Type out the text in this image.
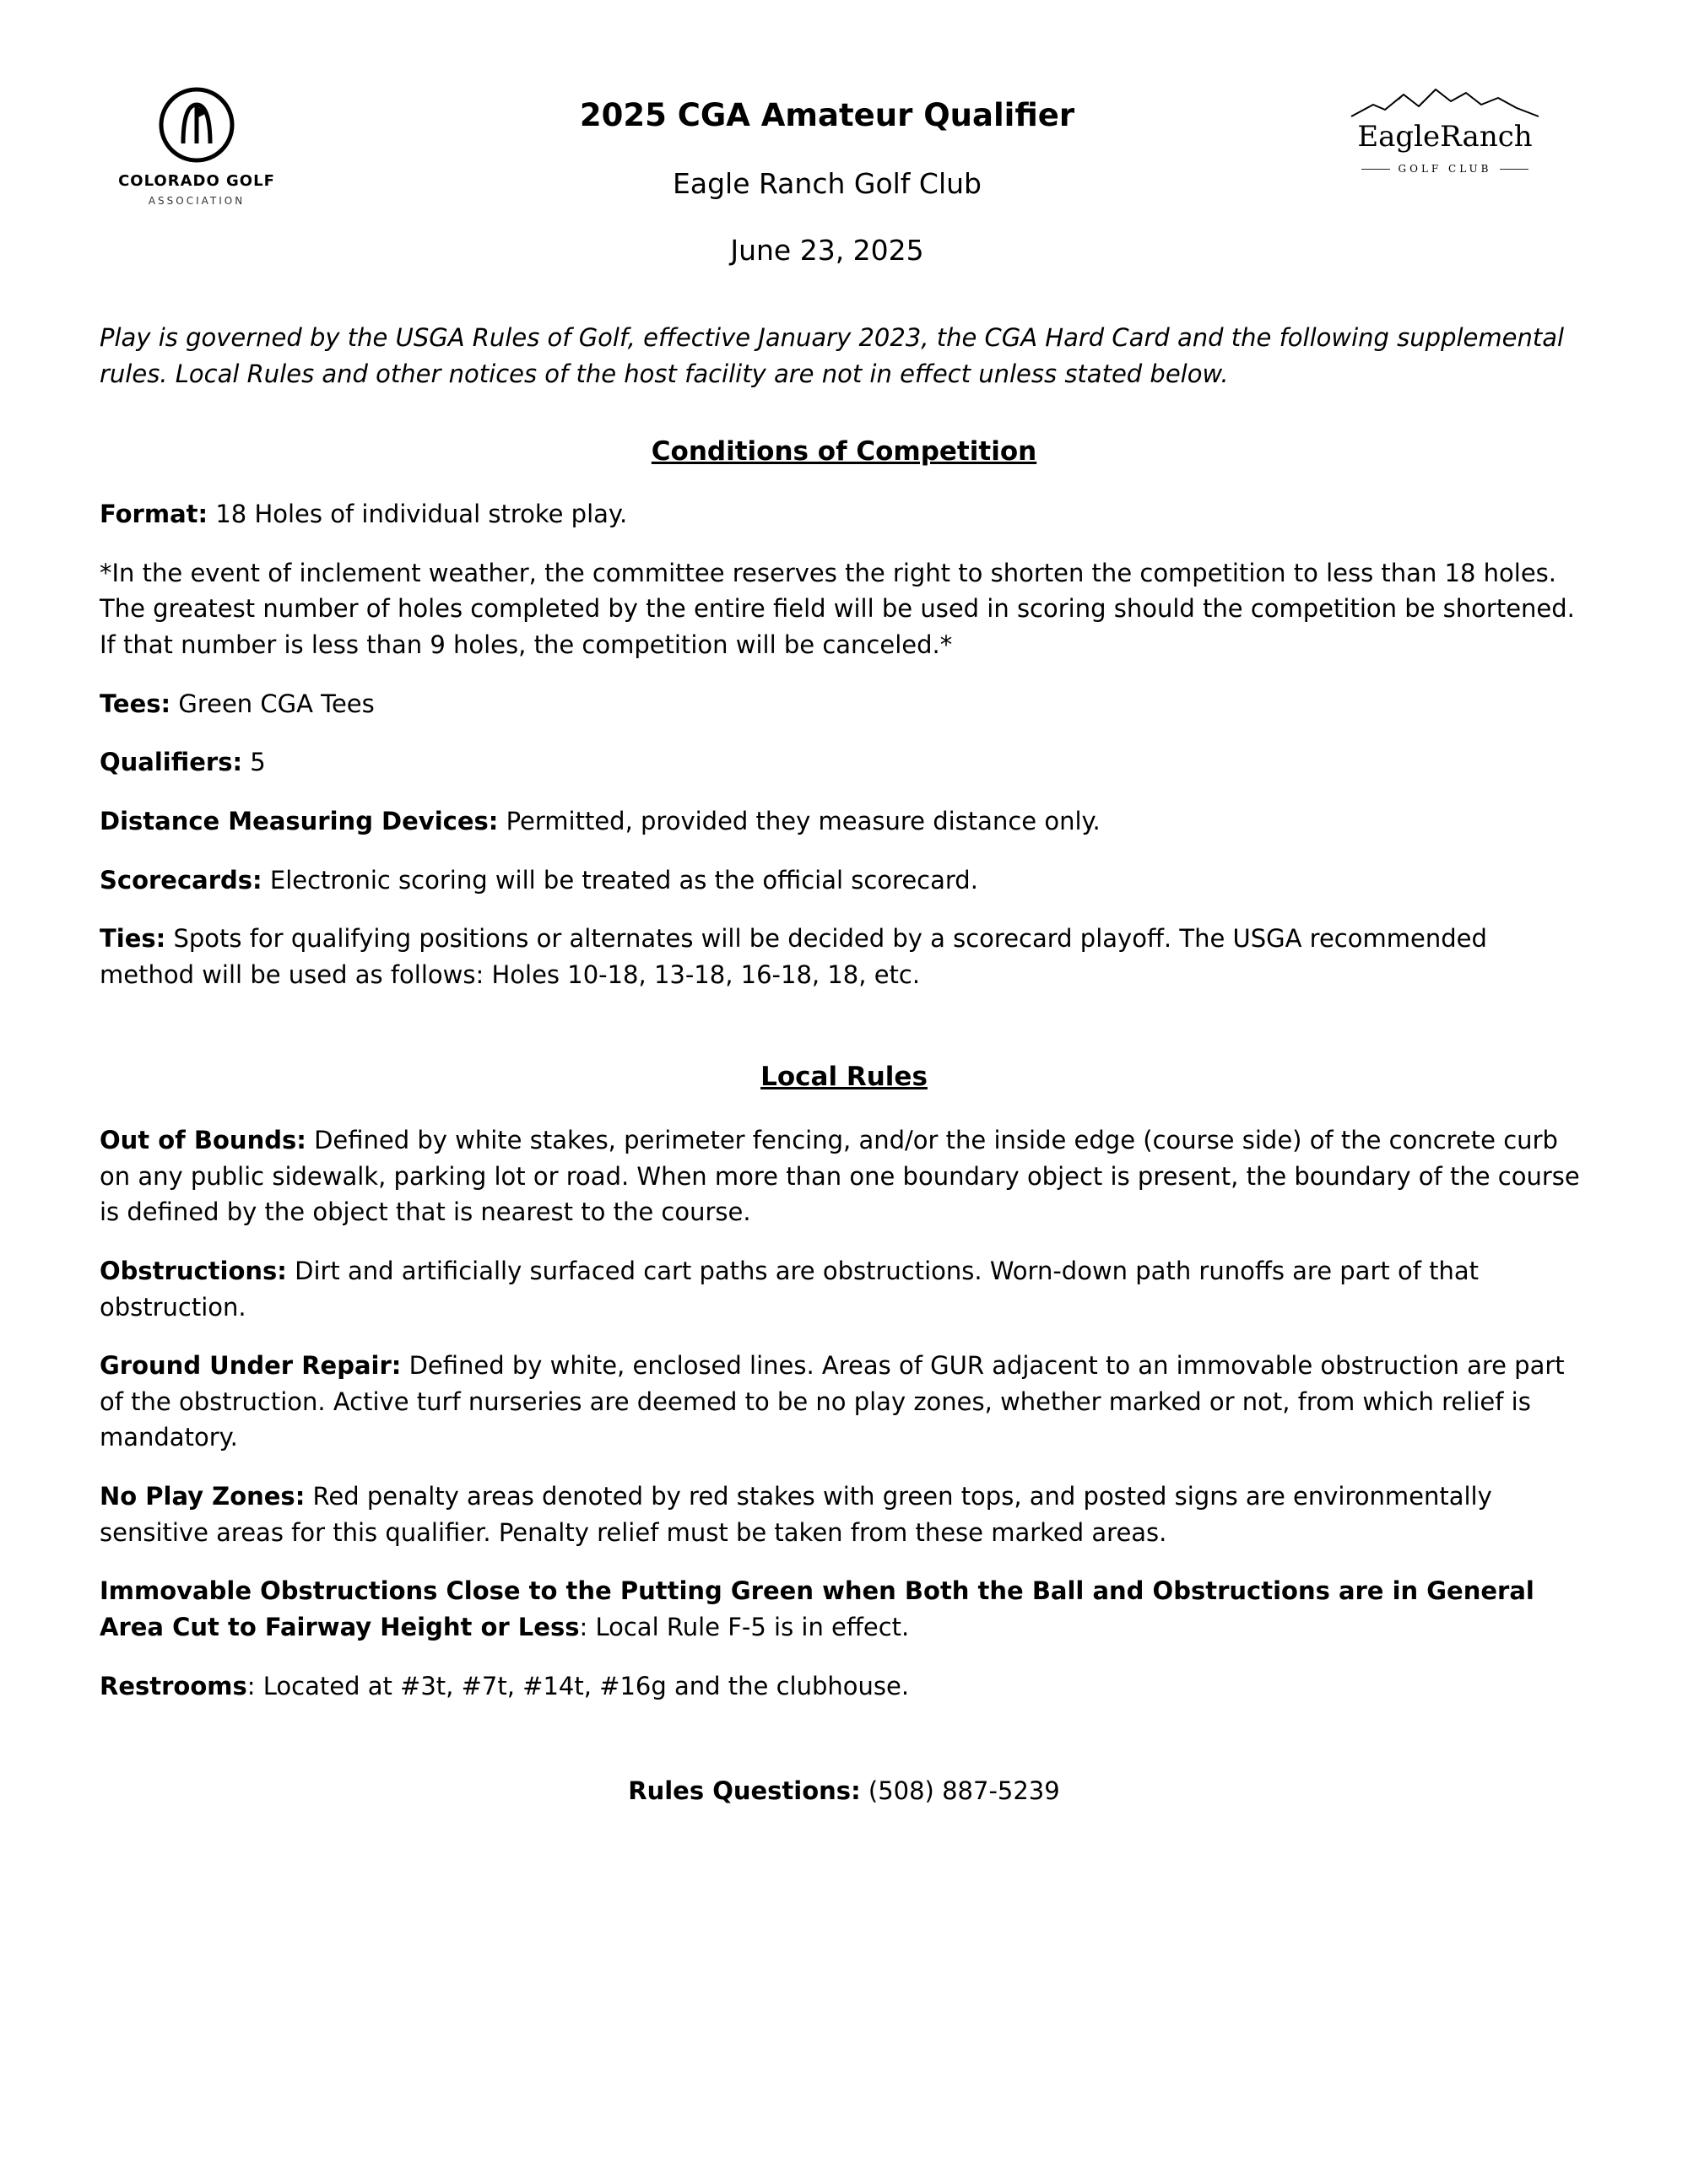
COLORADO GOLF
ASSOCIATION
2025 CGA Amateur Qualifier
Eagle Ranch Golf Club
June 23, 2025
EagleRanch
GOLF CLUB

Play is governed by the USGA Rules of Golf, effective January 2023, the CGA Hard Card and the following supplemental rules. Local Rules and other notices of the host facility are not in effect unless stated below.

Conditions of Competition

Format: 18 Holes of individual stroke play.

*In the event of inclement weather, the committee reserves the right to shorten the competition to less than 18 holes. The greatest number of holes completed by the entire field will be used in scoring should the competition be shortened. If that number is less than 9 holes, the competition will be canceled.*

Tees: Green CGA Tees

Qualifiers: 5

Distance Measuring Devices: Permitted, provided they measure distance only.

Scorecards: Electronic scoring will be treated as the official scorecard.

Ties: Spots for qualifying positions or alternates will be decided by a scorecard playoff. The USGA recommended method will be used as follows: Holes 10-18, 13-18, 16-18, 18, etc.

Local Rules

Out of Bounds: Defined by white stakes, perimeter fencing, and/or the inside edge (course side) of the concrete curb on any public sidewalk, parking lot or road. When more than one boundary object is present, the boundary of the course is defined by the object that is nearest to the course.

Obstructions: Dirt and artificially surfaced cart paths are obstructions. Worn-down path runoffs are part of that obstruction.

Ground Under Repair: Defined by white, enclosed lines. Areas of GUR adjacent to an immovable obstruction are part of the obstruction. Active turf nurseries are deemed to be no play zones, whether marked or not, from which relief is mandatory.

No Play Zones: Red penalty areas denoted by red stakes with green tops, and posted signs are environmentally sensitive areas for this qualifier. Penalty relief must be taken from these marked areas.

Immovable Obstructions Close to the Putting Green when Both the Ball and Obstructions are in General Area Cut to Fairway Height or Less: Local Rule F-5 is in effect.

Restrooms: Located at #3t, #7t, #14t, #16g and the clubhouse.

Rules Questions: (508) 887-5239
